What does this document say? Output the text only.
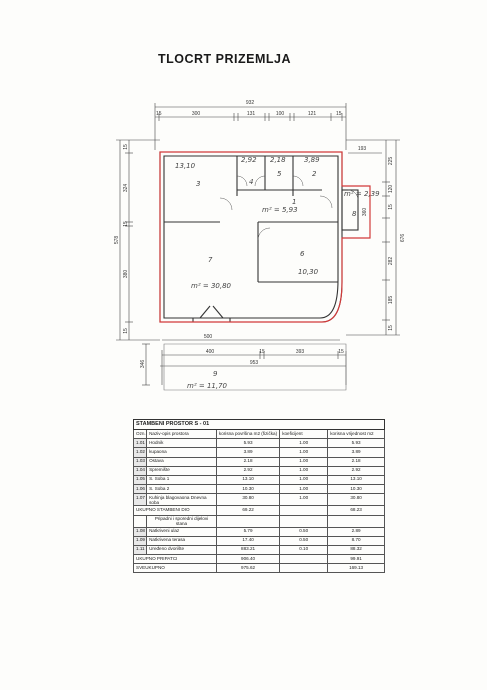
TLOCRT PRIZEMLJA
932
15	300	131	100	121	15
578
15
324
15
380
15
676
225
120
15
282
185
15
193
360
500
400	15	393	15
953
346
3	4
5	2
1
6
7
8
9
13,10
2,92 2,18	3,89
m² = 2,39
m² = 5,93
10,30
m² = 30,80
m² = 11,70
STAMBENI PROSTOR S - 01				
Ozn.	Naziv-opis prostora	korisna površina m2 (fizička)	koeficijent	korisna vrijednost m2
1.01	Hodnik	5.93	1.00	5.93
1.02	kupaona	3.89	1.00	3.89
1.03	Ostava	2.18	1.00	2.18
1.04	Spremište	2.92	1.00	2.92
1.05	S. Soba 1	13.10	1.00	13.10
1.06	S. Soba 2	10.30	1.00	10.30
1.07	Kuhinja blagovaona Dnevna soba	30.80	1.00	30.80
UKUPNO STAMBENI DIO		69.22		68.23
	Pripadni i sporedni dijelovi stana			
1.08	Natkriveni ulaz	5.79	0.50	2.89
1.09	Natkrivena terasa	17.40	0.50	8.70
1.11	Uređeno dvorište	883.21	0.10	88.32
UKUPNO PRIPATCI		906.40		99.91
SVEUKUPNO		975.62		169.13
